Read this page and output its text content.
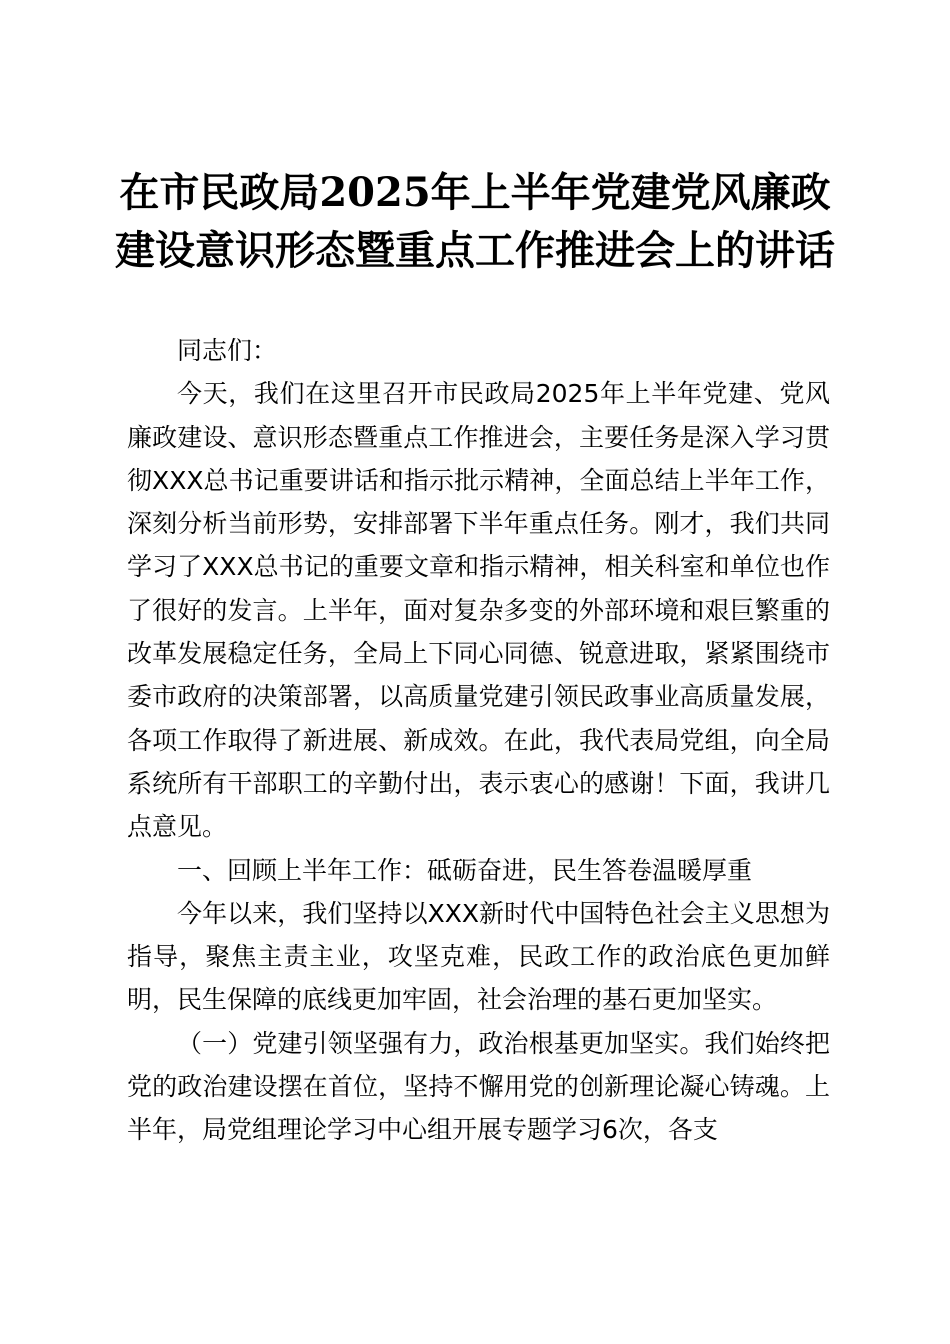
在市民政局2025年上半年党建党风廉政建设意识形态暨重点工作推进会上的讲话

同志们：

今天，我们在这里召开市民政局2025年上半年党建、党风廉政建设、意识形态暨重点工作推进会，主要任务是深入学习贯彻XXX总书记重要讲话和指示批示精神，全面总结上半年工作，深刻分析当前形势，安排部署下半年重点任务。刚才，我们共同学习了XXX总书记的重要文章和指示精神，相关科室和单位也作了很好的发言。上半年，面对复杂多变的外部环境和艰巨繁重的改革发展稳定任务，全局上下同心同德、锐意进取，紧紧围绕市委市政府的决策部署，以高质量党建引领民政事业高质量发展，各项工作取得了新进展、新成效。在此，我代表局党组，向全局系统所有干部职工的辛勤付出，表示衷心的感谢！下面，我讲几点意见。

一、回顾上半年工作：砥砺奋进，民生答卷温暖厚重

今年以来，我们坚持以XXX新时代中国特色社会主义思想为指导，聚焦主责主业，攻坚克难，民政工作的政治底色更加鲜明，民生保障的底线更加牢固，社会治理的基石更加坚实。

（一）党建引领坚强有力，政治根基更加坚实。我们始终把党的政治建设摆在首位，坚持不懈用党的创新理论凝心铸魂。上半年，局党组理论学习中心组开展专题学习6次，各支
